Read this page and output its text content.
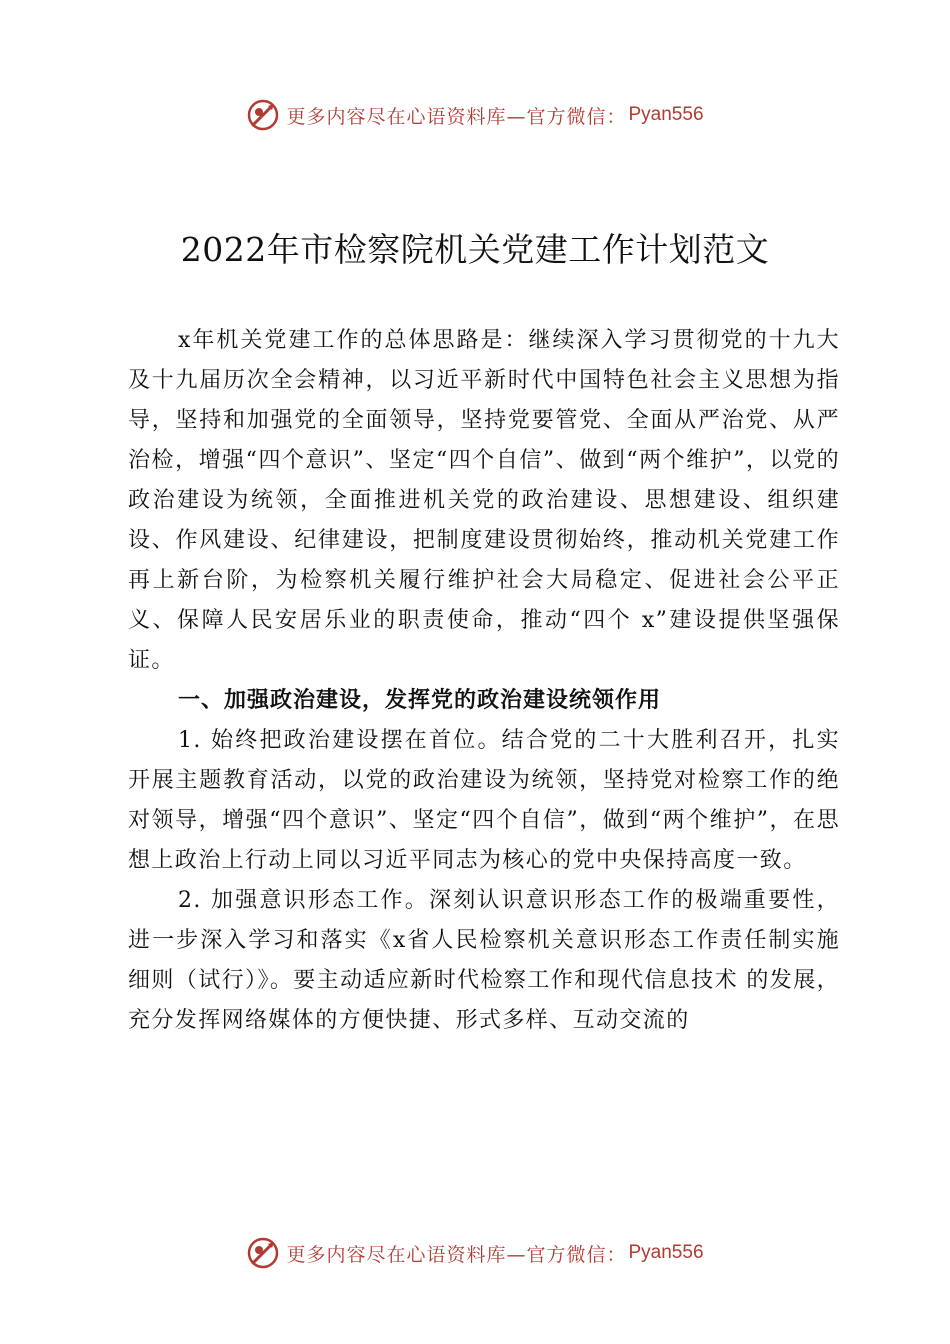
更多内容尽在心语资料库—官方微信： Pyan556
2022年市检察院机关党建工作计划范文

x年机关党建工作的总体思路是：继续深入学习贯彻党的十九大及十九届历次全会精神，以习近平新时代中国特色社会主义思想为指导，坚持和加强党的全面领导，坚持党要管党、全面从严治党、从严治检，增强“四个意识”、坚定“四个自信”、做到“两个维护”，以党的政治建设为统领，全面推进机关党的政治建设、思想建设、组织建设、作风建设、纪律建设，把制度建设贯彻始终，推动机关党建工作再上新台阶，为检察机关履行维护社会大局稳定、促进社会公平正义、保障人民安居乐业的职责使命，推动“四个 x”建设提供坚强保证。

一、加强政治建设，发挥党的政治建设统领作用

1. 始终把政治建设摆在首位。结合党的二十大胜利召开，扎实开展主题教育活动，以党的政治建设为统领，坚持党对检察工作的绝对领导，增强“四个意识”、坚定“四个自信”，做到“两个维护”，在思想上政治上行动上同以习近平同志为核心的党中央保持高度一致。

2. 加强意识形态工作。深刻认识意识形态工作的极端重要性，进一步深入学习和落实《x省人民检察机关意识形态工作责任制实施细则（试行）》。要主动适应新时代检察工作和现代信息技术 的发展，充分发挥网络媒体的方便快捷、形式多样、互动交流的

更多内容尽在心语资料库—官方微信： Pyan556
